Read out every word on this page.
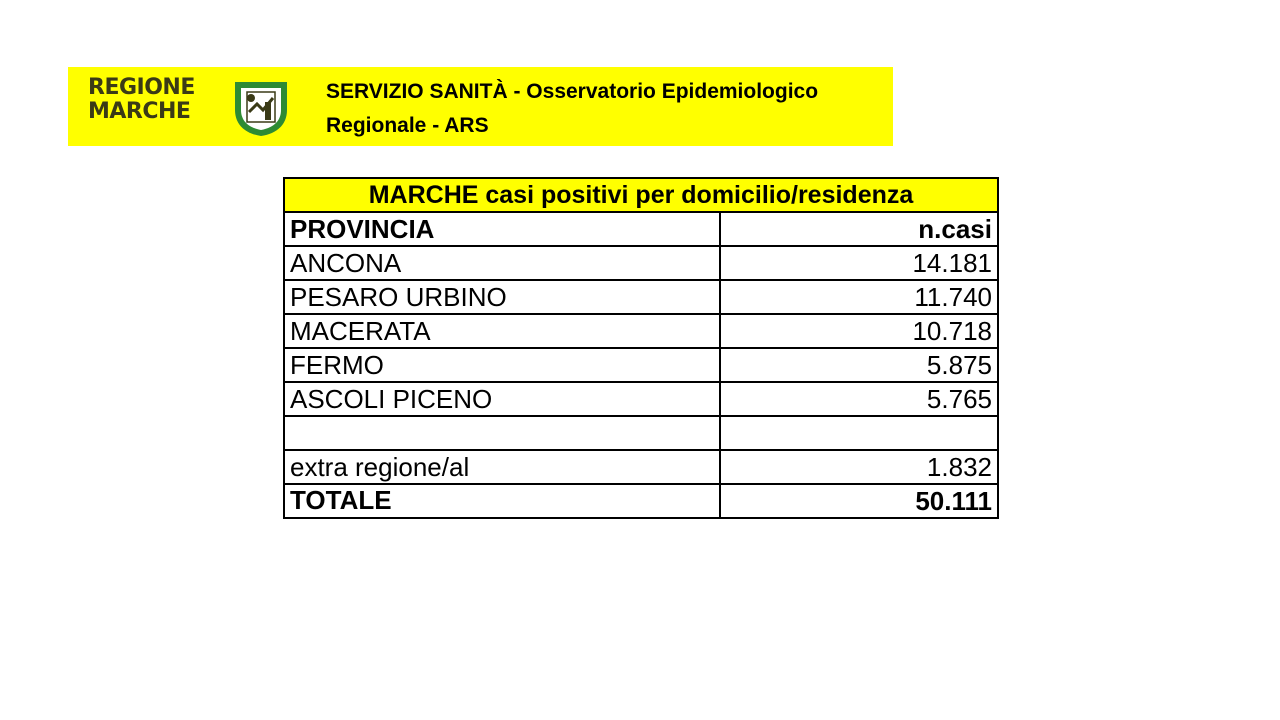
REGIONE
MARCHE
SERVIZIO SANITÀ - Osservatorio Epidemiologico
Regionale - ARS
MARCHE casi positivi per domicilio/residenza	
PROVINCIA	n.casi
ANCONA	14.181
PESARO URBINO	11.740
MACERATA	10.718
FERMO	5.875
ASCOLI PICENO	5.765

extra regione/al	1.832
TOTALE	50.111
